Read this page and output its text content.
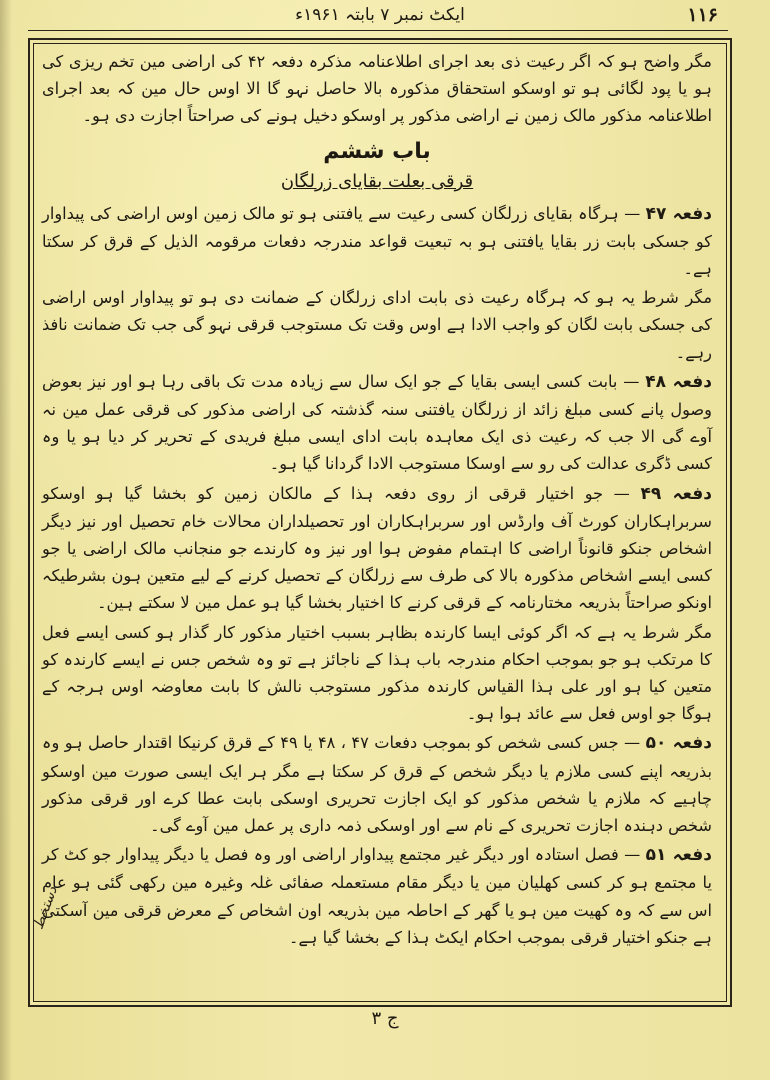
ایکٹ نمبر ۷ بابتہ ۱۹۶۱ء	۱۱۶

مگر واضح ہو کہ اگر رعیت ذی بعد اجرای اطلاعنامہ مذکرہ دفعہ ۴۲ کی اراضی مین تخم ریزی کی ہو یا پود لگائی ہو تو اوسکو استحقاق مذکورہ بالا حاصل نہو گا الا اوس حال مین کہ بعد اجرای اطلاعنامہ مذکور مالک زمین نے اراضی مذکور پر اوسکو دخیل ہونے کی صراحتاً اجازت دی ہو۔

باب ششم
قرقی بعلت بقایای زرلگان

دفعہ ۴۷ — ہرگاہ بقایای زرلگان کسی رعیت سے یافتنی ہو تو مالک زمین اوس اراضی کی پیداوار کو جسکی بابت زر بقایا یافتنی ہو بہ تبعیت قواعد مندرجہ دفعات مرقومہ الذیل کے قرق کر سکتا ہے۔

مگر شرط یہ ہو کہ ہرگاہ رعیت ذی بابت ادای زرلگان کے ضمانت دی ہو تو پیداوار اوس اراضی کی جسکی بابت لگان کو واجب الادا ہے اوس وقت تک مستوجب قرقی نہو گی جب تک ضمانت نافذ رہے۔

دفعہ ۴۸ — بابت کسی ایسی بقایا کے جو ایک سال سے زیادہ مدت تک باقی رہا ہو اور نیز بعوض وصول پانے کسی مبلغ زائد از زرلگان یافتنی سنہ گذشتہ کی اراضی مذکور کی قرقی عمل مین نہ آوے گی الا جب کہ رعیت ذی ایک معاہدہ بابت ادای ایسی مبلغ فریدی کے تحریر کر دیا ہو یا وہ کسی ڈگری عدالت کی رو سے اوسکا مستوجب الادا گردانا گیا ہو۔

دفعہ ۴۹ — جو اختیار قرقی از روی دفعہ ہذا کے مالکان زمین کو بخشا گیا ہو اوسکو سربراہکاران کورٹ آف وارڈس اور سربراہکاران اور تحصیلداران محالات خام تحصیل اور نیز دیگر اشخاص جنکو قانوناً اراضی کا اہتمام مفوض ہوا اور نیز وہ کارندے جو منجانب مالک اراضی یا جو کسی ایسے اشخاص مذکورہ بالا کی طرف سے زرلگان کے تحصیل کرنے کے لیے متعین ہون بشرطیکہ اونکو صراحتاً بذریعہ مختارنامہ کے قرقی کرنے کا اختیار بخشا گیا ہو عمل مین لا سکتے ہین۔

مگر شرط یہ ہے کہ اگر کوئی ایسا کارندہ بظاہر بسبب اختیار مذکور کار گذار ہو کسی ایسے فعل کا مرتکب ہو جو بموجب احکام مندرجہ باب ہذا کے ناجائز ہے تو وہ شخص جس نے ایسے کارندہ کو متعین کیا ہو اور علی ہذا القیاس کارندہ مذکور مستوجب نالش کا بابت معاوضہ اوس ہرجہ کے ہوگا جو اوس فعل سے عائد ہوا ہو۔

دفعہ ۵۰ — جس کسی شخص کو بموجب دفعات ۴۷ ، ۴۸ یا ۴۹ کے قرق کرنیکا اقتدار حاصل ہو وہ بذریعہ اپنے کسی ملازم یا دیگر شخص کے قرق کر سکتا ہے مگر ہر ایک ایسی صورت مین اوسکو چاہیے کہ ملازم یا شخص مذکور کو ایک اجازت تحریری اوسکی بابت عطا کرے اور قرقی مذکور شخص دہندہ اجازت تحریری کے نام سے اور اوسکی ذمہ داری پر عمل مین آوے گی۔

دفعہ ۵۱ — فصل استادہ اور دیگر غیر مجتمع پیداوار اراضی اور وہ فصل یا دیگر پیداوار جو کٹ کر یا مجتمع ہو کر کسی کھلیان مین یا دیگر مقام مستعملہ صفائی غلہ وغیرہ مین رکھی گئی ہو عام اس سے کہ وہ کھیت مین ہو یا گھر کے احاطہ مین بذریعہ اون اشخاص کے معرض قرقی مین آسکتی ہے جنکو اختیار قرقی بموجب احکام ایکٹ ہذا کے بخشا گیا ہے۔

دستخط
ج ۳
